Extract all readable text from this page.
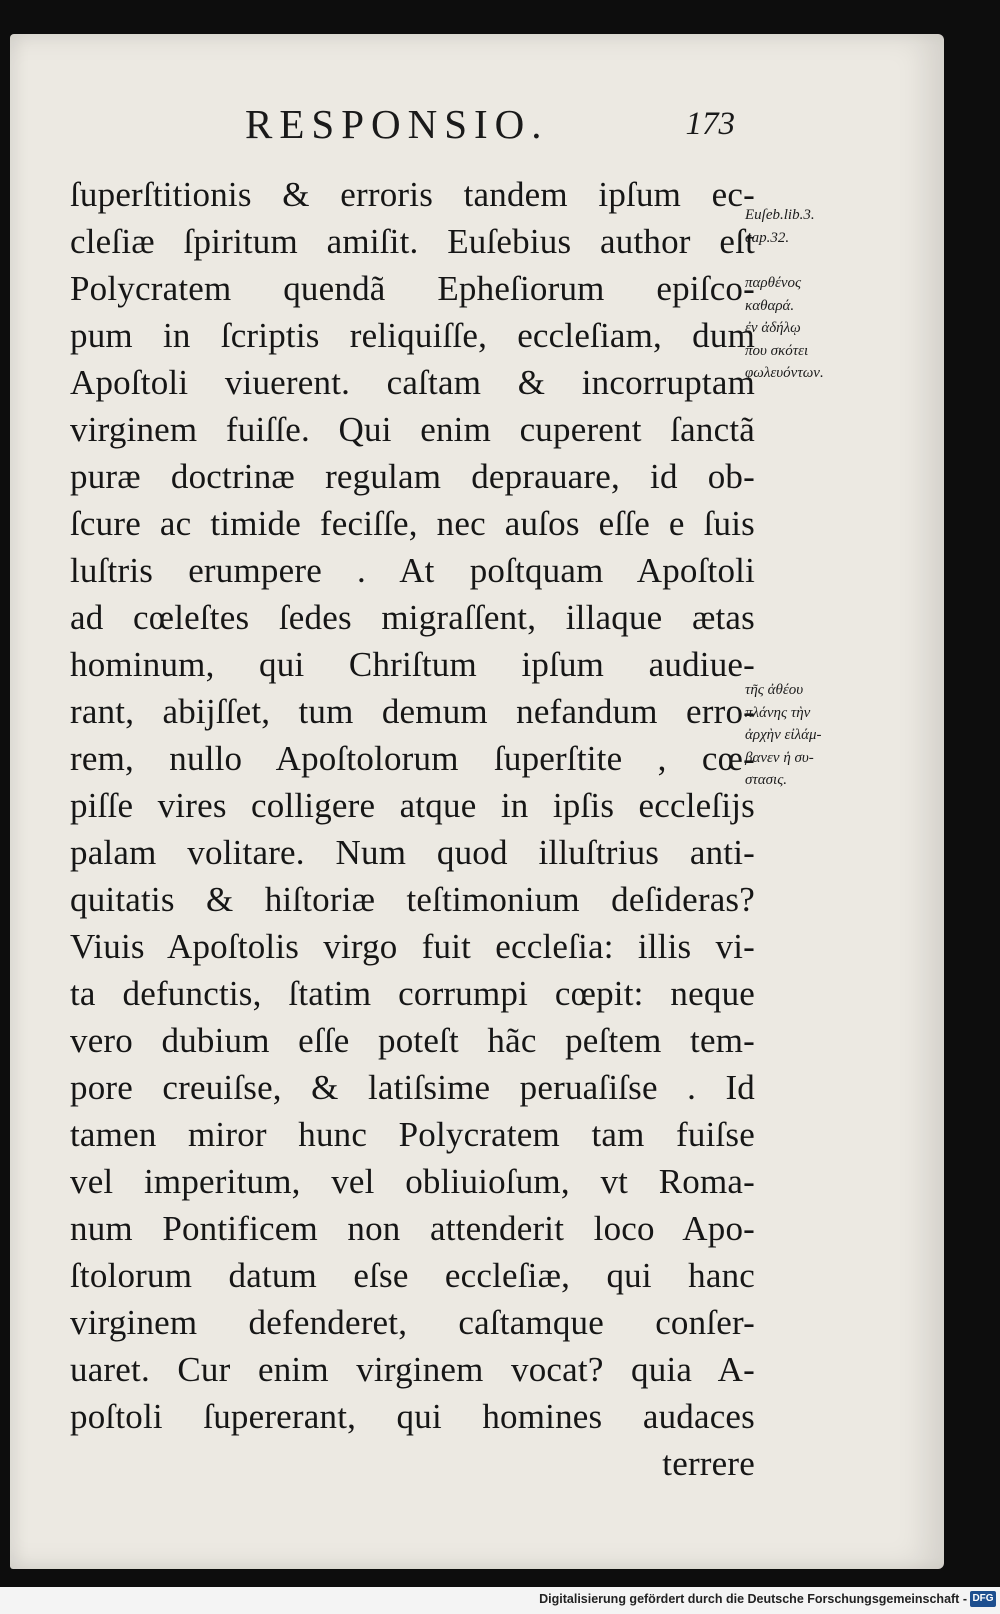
RESPONSIO.	173
ſuperſtitionis & erroris tandem ipſum ec-
cleſiæ ſpiritum amiſit. Euſebius author eſt
Polycratem quendã Epheſiorum epiſco-
pum in ſcriptis reliquiſſe, eccleſiam, dum
Apoſtoli viuerent. caſtam & incorruptam
virginem fuiſſe. Qui enim cuperent ſanctã
puræ doctrinæ regulam deprauare, id ob-
ſcure ac timide feciſſe, nec auſos eſſe e ſuis
luſtris erumpere . At poſtquam Apoſtoli
ad cœleſtes ſedes migraſſent, illaque ætas
hominum, qui Chriſtum ipſum audiue-
rant, abijſſet, tum demum nefandum erro-
rem, nullo Apoſtolorum ſuperſtite , cœ-
piſſe vires colligere atque in ipſis eccleſijs
palam volitare. Num quod illuſtrius anti-
quitatis & hiſtoriæ teſtimonium deſideras?
Viuis Apoſtolis virgo fuit eccleſia: illis vi-
ta defunctis, ſtatim corrumpi cœpit: neque
vero dubium eſſe poteſt hãc peſtem tem-
pore creuiſse, & latiſsime peruaſiſse . Id
tamen miror hunc Polycratem tam fuiſse
vel imperitum, vel obliuioſum, vt Roma-
num Pontificem non attenderit loco Apo-
ſtolorum datum eſse eccleſiæ, qui hanc
virginem defenderet, caſtamque conſer-
uaret. Cur enim virginem vocat? quia A-
poſtoli ſupererant, qui homines audaces
terrere
Euſeb.lib.3.
cap.32.
παρθένος
καθαρά.
ἐν ἀδήλῳ
που σκότει
φωλευόντων.
τῆς ἀθέου
πλάνης τὴν
ἀρχὴν εἰλάμ-
βανεν ἡ συ-
στασις.
Digitalisierung gefördert durch die Deutsche Forschungsgemeinschaft - DFG
